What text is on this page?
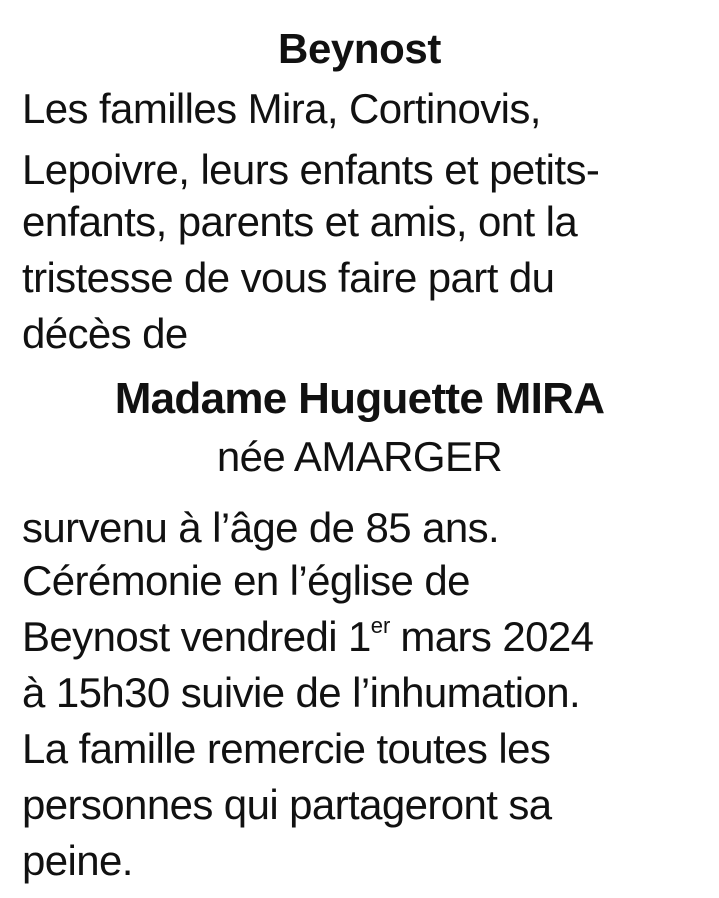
Beynost
Les familles Mira, Cortinovis,
Lepoivre, leurs enfants et petits-
enfants, parents et amis, ont la
tristesse de vous faire part du
décès de
Madame Huguette MIRA
née AMARGER
survenu à l’âge de 85 ans.
Cérémonie en l’église de
Beynost vendredi 1er mars 2024
à 15h30 suivie de l’inhumation.
La famille remercie toutes les
personnes qui partageront sa
peine.
